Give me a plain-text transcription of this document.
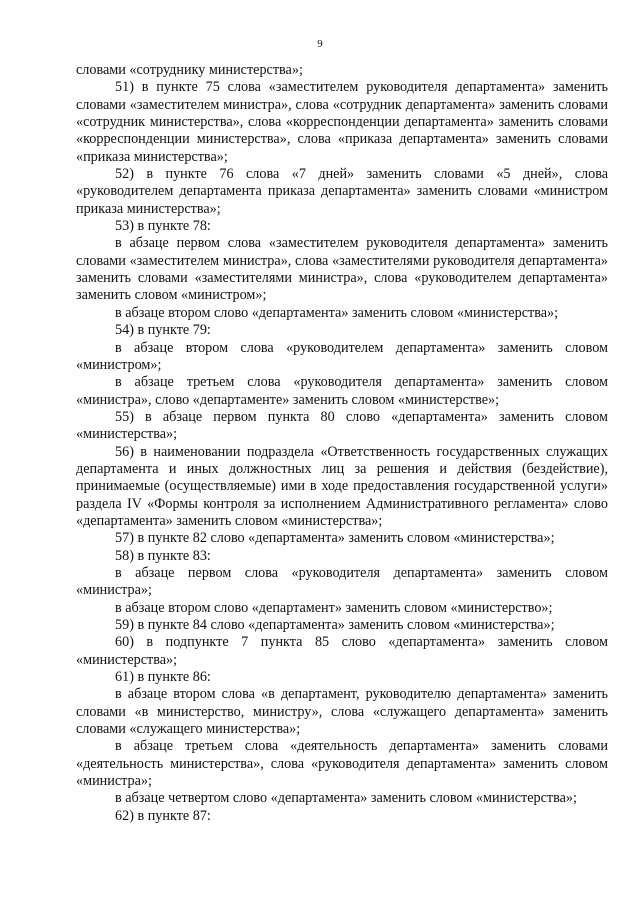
9

словами «сотруднику министерства»;

51) в пункте 75 слова «заместителем руководителя департамента» заменить словами «заместителем министра», слова «сотрудник департамента» заменить словами «сотрудник министерства», слова «корреспонденции департамента» заменить словами «корреспонденции министерства», слова «приказа департамента» заменить словами «приказа министерства»;

52) в пункте 76 слова «7 дней» заменить словами «5 дней», слова «руководителем департамента приказа департамента» заменить словами «министром приказа министерства»;

53) в пункте 78:

в абзаце первом слова «заместителем руководителя департамента» заменить словами «заместителем министра», слова «заместителями руководителя департамента» заменить словами «заместителями министра», слова «руководителем департамента» заменить словом «министром»;

в абзаце втором слово «департамента» заменить словом «министерства»;

54) в пункте 79:

в абзаце втором слова «руководителем департамента» заменить словом «министром»;

в абзаце третьем слова «руководителя департамента» заменить словом «министра», слово «департаменте» заменить словом «министерстве»;

55) в абзаце первом пункта 80 слово «департамента» заменить словом «министерства»;

56) в наименовании подраздела «Ответственность государственных служащих департамента и иных должностных лиц за решения и действия (бездействие), принимаемые (осуществляемые) ими в ходе предоставления государственной услуги» раздела IV «Формы контроля за исполнением Административного регламента» слово «департамента» заменить словом «министерства»;

57) в пункте 82 слово «департамента» заменить словом «министерства»;

58) в пункте 83:

в абзаце первом слова «руководителя департамента» заменить словом «министра»;

в абзаце втором слово «департамент» заменить словом «министерство»;

59) в пункте 84 слово «департамента» заменить словом «министерства»;

60) в подпункте 7 пункта 85 слово «департамента» заменить словом «министерства»;

61) в пункте 86:

в абзаце втором слова «в департамент, руководителю департамента» заменить словами «в министерство, министру», слова «служащего департамента» заменить словами «служащего министерства»;

в абзаце третьем слова «деятельность департамента» заменить словами «деятельность министерства», слова «руководителя департамента» заменить словом «министра»;

в абзаце четвертом слово «департамента» заменить словом «министерства»;

62) в пункте 87:
